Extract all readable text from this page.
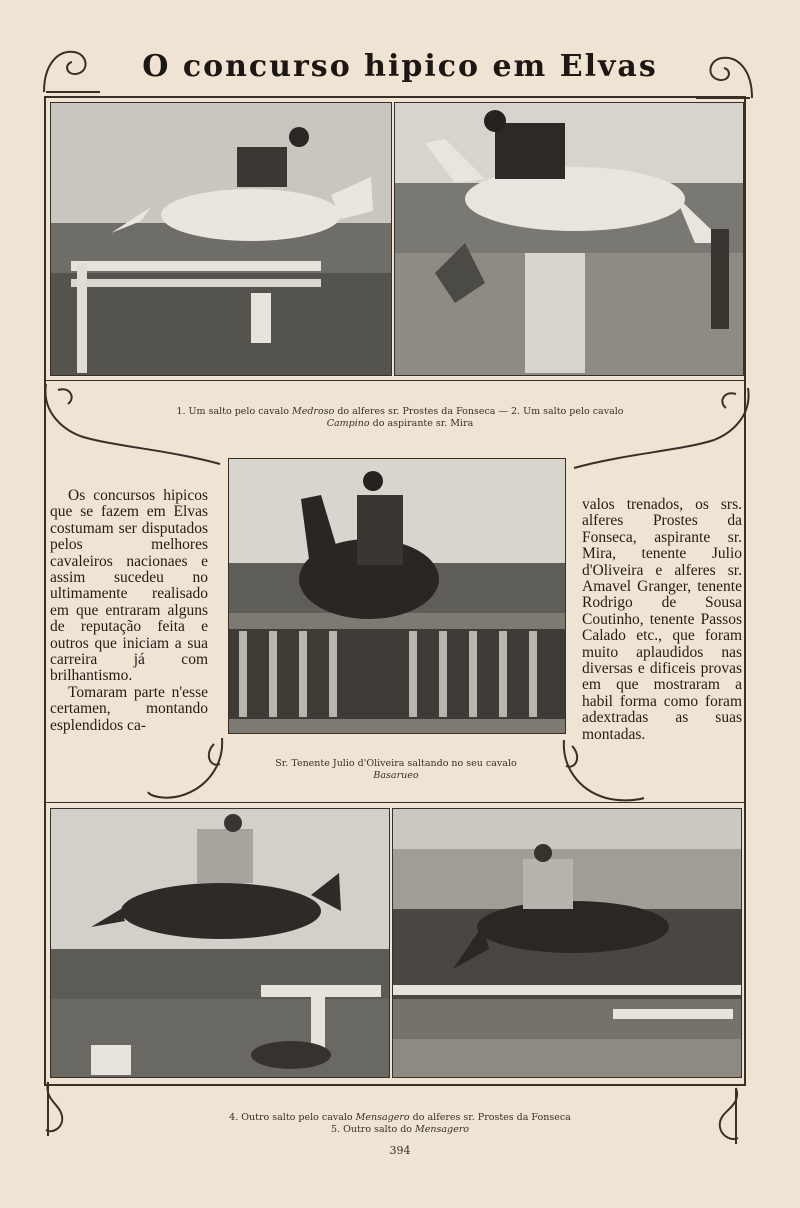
O concurso hipico em Elvas
1. Um salto pelo cavalo Medroso do alferes sr. Prostes da Fonseca — 2. Um salto pelo cavalo
Campino do aspirante sr. Mira
Sr. Tenente Julio d'Oliveira saltando no seu cavalo
Basarueo

Os concursos hipicos que se fazem em Elvas costumam ser disputados pelos melhores cavaleiros nacionaes e assim sucedeu no ultimamente realisado em que entraram alguns de reputação feita e outros que iniciam a sua carreira já com brilhantismo.

Tomaram parte n'esse certamen, montando esplendidos ca-

valos trenados, os srs. alferes Prostes da Fonseca, aspirante sr. Mira, tenente Julio d'Oliveira e alferes sr. Amavel Granger, tenente Rodrigo de Sousa Coutinho, tenente Passos Calado etc., que foram muito aplaudidos nas diversas e dificeis provas em que mostraram a habil forma como foram adextradas as suas montadas.

4. Outro salto pelo cavalo Mensagero do alferes sr. Prostes da Fonseca
5. Outro salto do Mensagero
394
